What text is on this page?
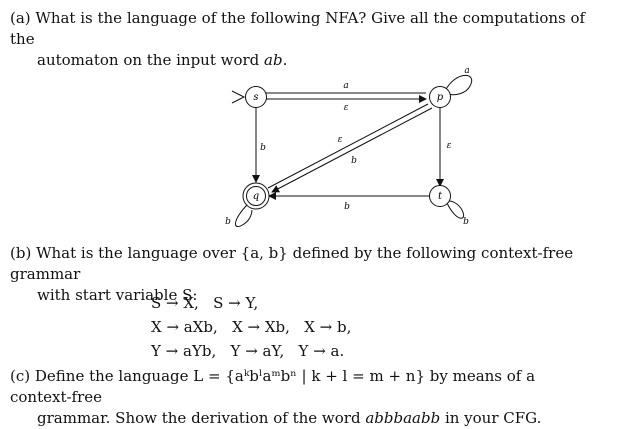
(a) What is the language of the following NFA? Give all the computations of the
automaton on the input word ab.
a
ε
a
ε
b
b	ε
b
b	b
s	p
q	t
(b) What is the language over {a, b} defined by the following context-free grammar
with start variable S:
S → X,   S → Y,
X → aXb,   X → Xb,   X → b,
Y → aYb,   Y → aY,   Y → a.
(c) Define the language L = {aᵏbˡaᵐbⁿ | k + l = m + n} by means of a context-free
grammar. Show the derivation of the word abbbaabb in your CFG.
